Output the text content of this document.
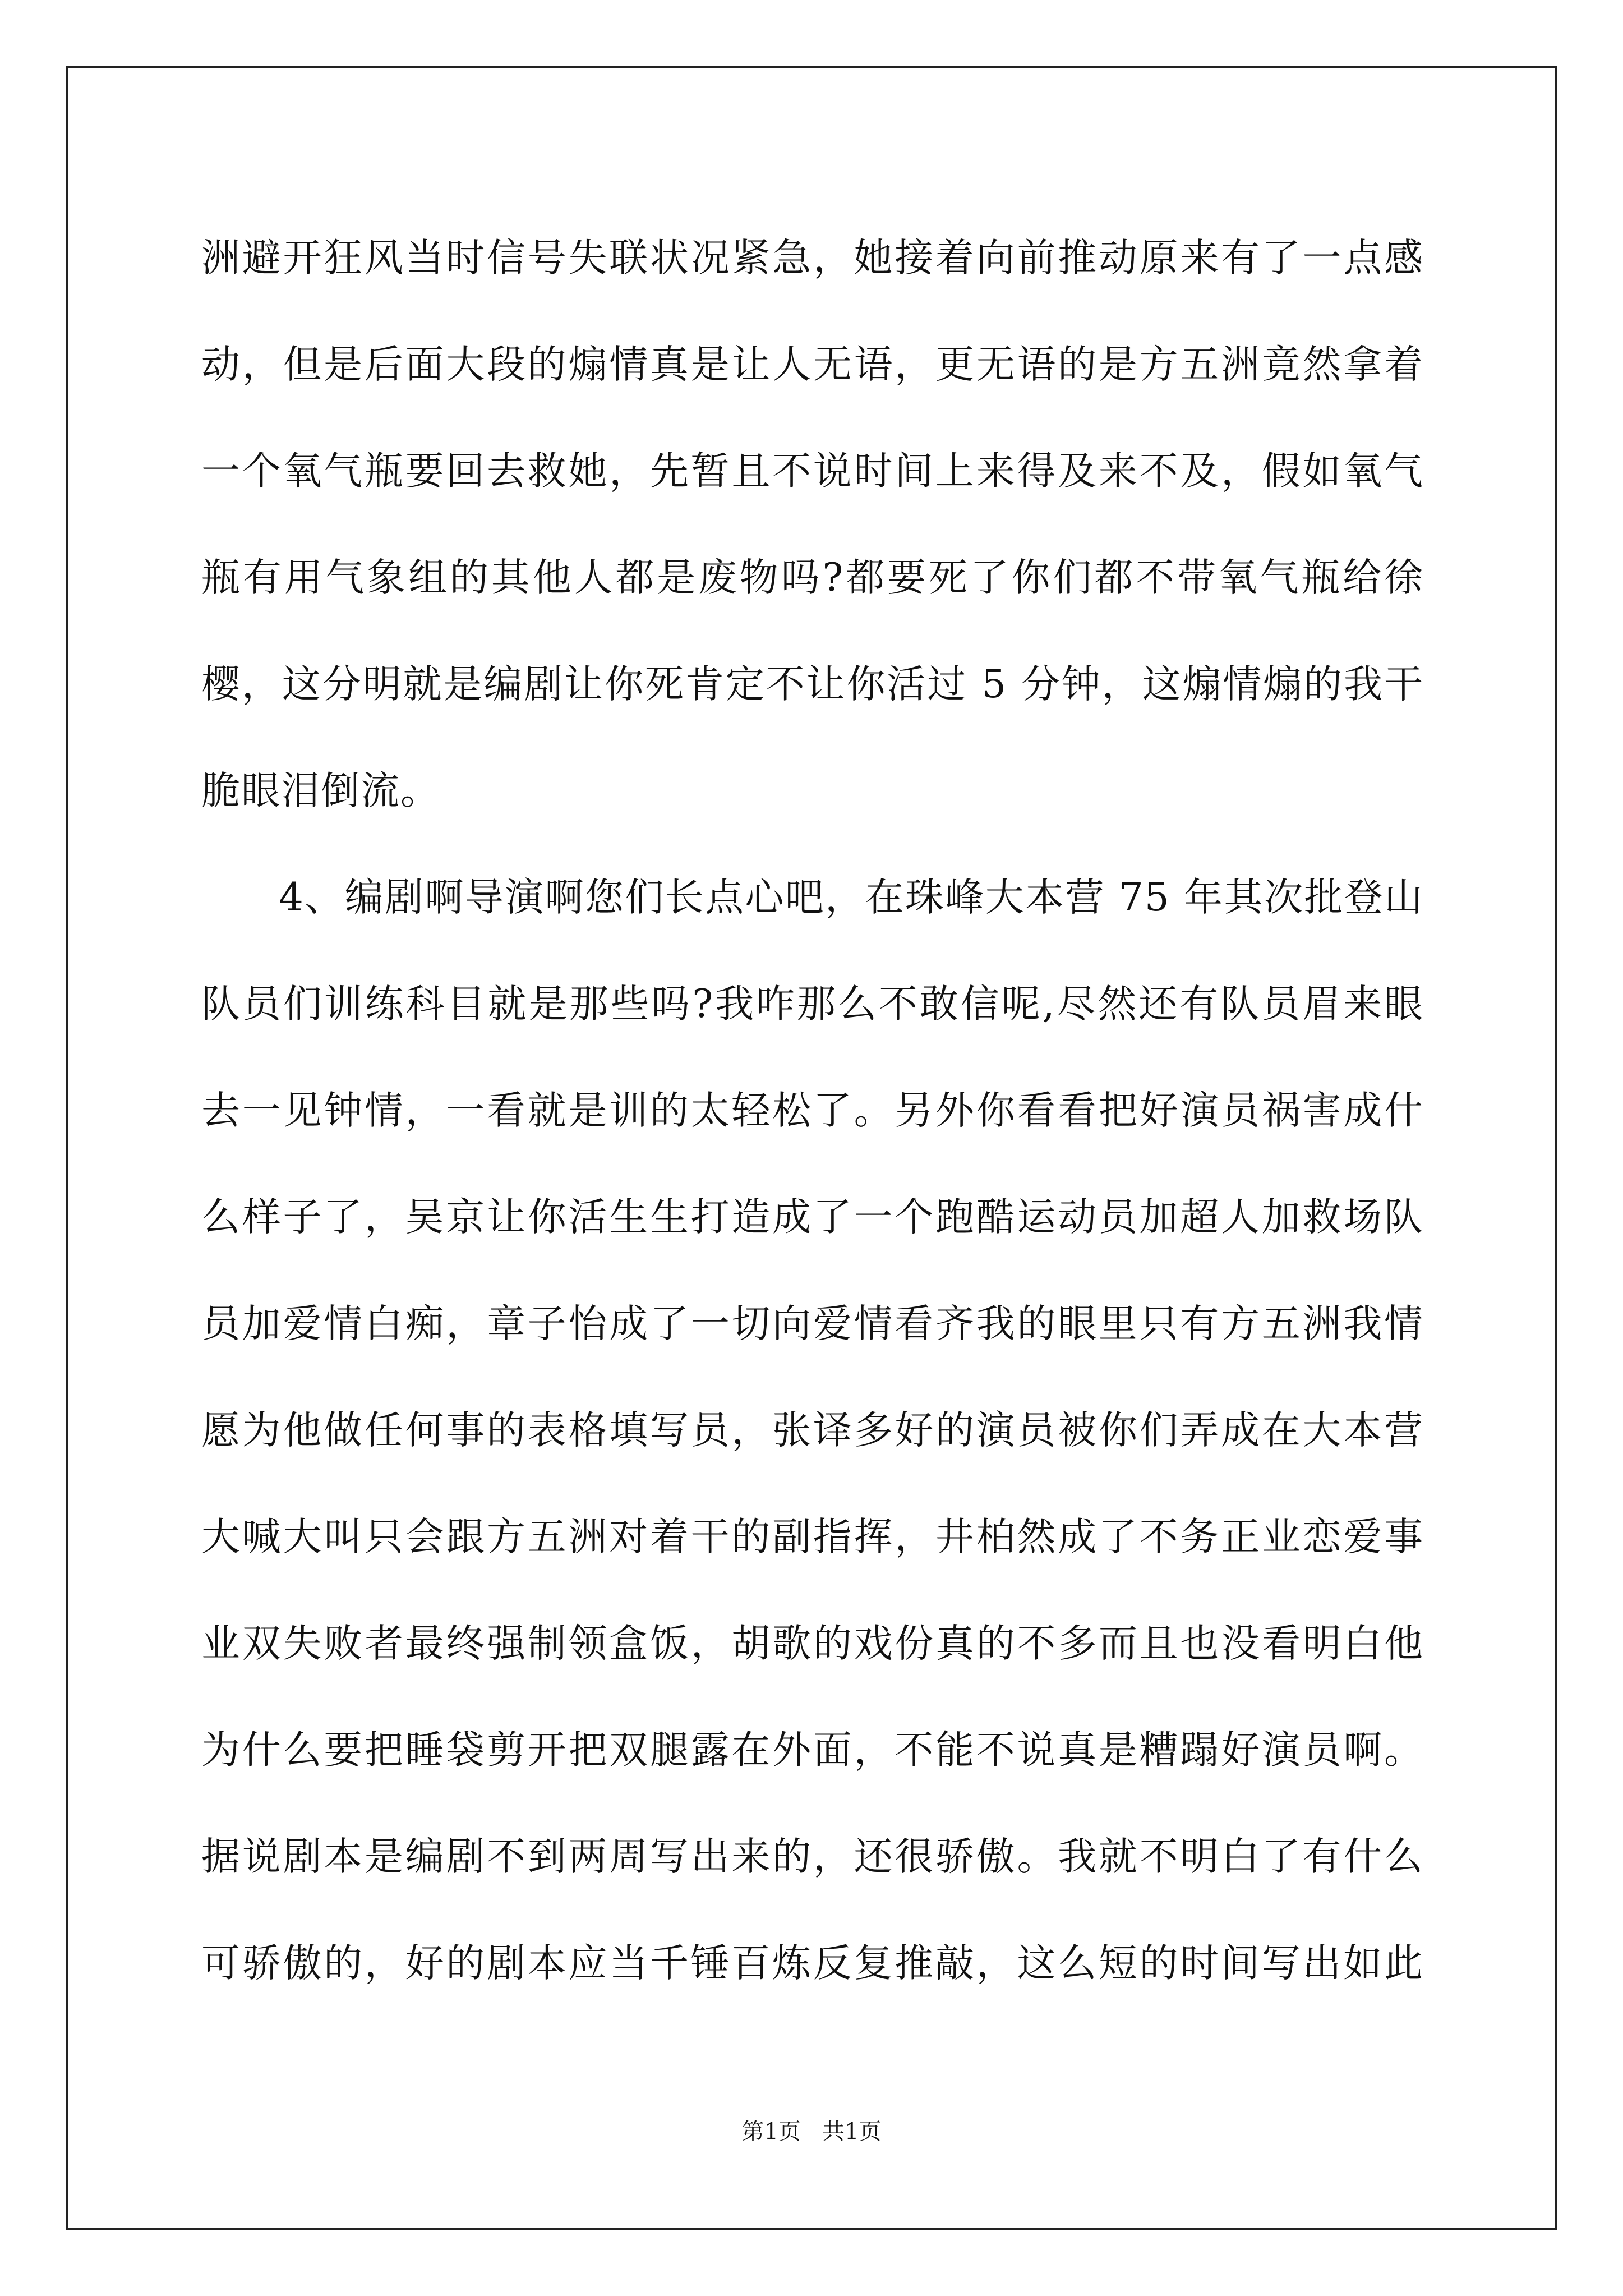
洲避开狂风当时信号失联状况紧急，她接着向前推动原来有了一点感
动，但是后面大段的煽情真是让人无语，更无语的是方五洲竟然拿着
一个氧气瓶要回去救她，先暂且不说时间上来得及来不及，假如氧气
瓶有用气象组的其他人都是废物吗?都要死了你们都不带氧气瓶给徐
樱，这分明就是编剧让你死肯定不让你活过 5 分钟，这煽情煽的我干
脆眼泪倒流。
4、编剧啊导演啊您们长点心吧，在珠峰大本营 75 年其次批登山
队员们训练科目就是那些吗?我咋那么不敢信呢,尽然还有队员眉来眼
去一见钟情，一看就是训的太轻松了。另外你看看把好演员祸害成什
么样子了，吴京让你活生生打造成了一个跑酷运动员加超人加救场队
员加爱情白痴，章子怡成了一切向爱情看齐我的眼里只有方五洲我情
愿为他做任何事的表格填写员，张译多好的演员被你们弄成在大本营
大喊大叫只会跟方五洲对着干的副指挥，井柏然成了不务正业恋爱事
业双失败者最终强制领盒饭，胡歌的戏份真的不多而且也没看明白他
为什么要把睡袋剪开把双腿露在外面，不能不说真是糟蹋好演员啊。
据说剧本是编剧不到两周写出来的，还很骄傲。我就不明白了有什么
可骄傲的，好的剧本应当千锤百炼反复推敲，这么短的时间写出如此
第1页   共1页
